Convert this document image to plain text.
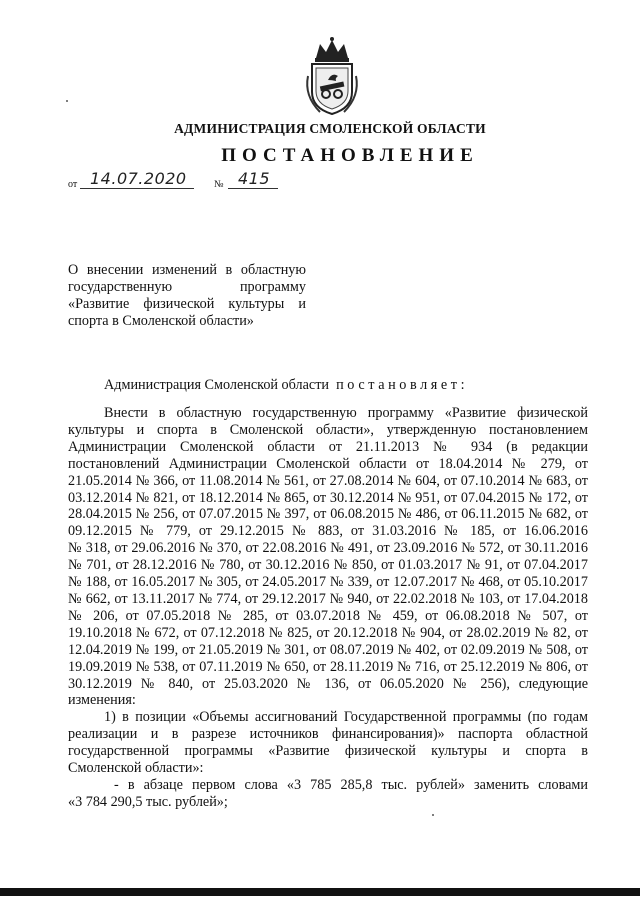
АДМИНИСТРАЦИЯ СМОЛЕНСКОЙ ОБЛАСТИ
ПОСТАНОВЛЕНИЕ
от 14.07.2020	№ 415
О внесении изменений в областную
государственную программу
«Развитие физической культуры и
спорта в Смоленской области»
Администрация Смоленской области постановляет:
Внести в областную государственную программу «Развитие физической
культуры и спорта в Смоленской области», утвержденную постановлением
Администрации Смоленской области от 21.11.2013 № 934 (в редакции
постановлений Администрации Смоленской области от 18.04.2014 № 279, от
21.05.2014 № 366, от 11.08.2014 № 561, от 27.08.2014 № 604, от 07.10.2014 № 683, от
03.12.2014 № 821, от 18.12.2014 № 865, от 30.12.2014 № 951, от 07.04.2015 № 172, от
28.04.2015 № 256, от 07.07.2015 № 397, от 06.08.2015 № 486, от 06.11.2015 № 682, от
09.12.2015 № 779, от 29.12.2015 № 883, от 31.03.2016 № 185, от 16.06.2016
№ 318, от 29.06.2016 № 370, от 22.08.2016 № 491, от 23.09.2016 № 572, от 30.11.2016
№ 701, от 28.12.2016 № 780, от 30.12.2016 № 850, от 01.03.2017 № 91, от 07.04.2017
№ 188, от 16.05.2017 № 305, от 24.05.2017 № 339, от 12.07.2017 № 468, от 05.10.2017
№ 662, от 13.11.2017 № 774, от 29.12.2017 № 940, от 22.02.2018 № 103, от 17.04.2018
№ 206, от 07.05.2018 № 285, от 03.07.2018 № 459, от 06.08.2018 № 507, от
19.10.2018 № 672, от 07.12.2018 № 825, от 20.12.2018 № 904, от 28.02.2019 № 82, от
12.04.2019 № 199, от 21.05.2019 № 301, от 08.07.2019 № 402, от 02.09.2019 № 508, от
19.09.2019 № 538, от 07.11.2019 № 650, от 28.11.2019 № 716, от 25.12.2019 № 806, от
30.12.2019 № 840, от 25.03.2020 № 136, от 06.05.2020 № 256), следующие
изменения:
1) в позиции «Объемы ассигнований Государственной программы (по годам
реализации и в разрезе источников финансирования)» паспорта областной
государственной программы «Развитие физической культуры и спорта в
Смоленской области»:
- в абзаце первом слова «3 785 285,8 тыс. рублей» заменить словами
«3 784 290,5 тыс. рублей»;
